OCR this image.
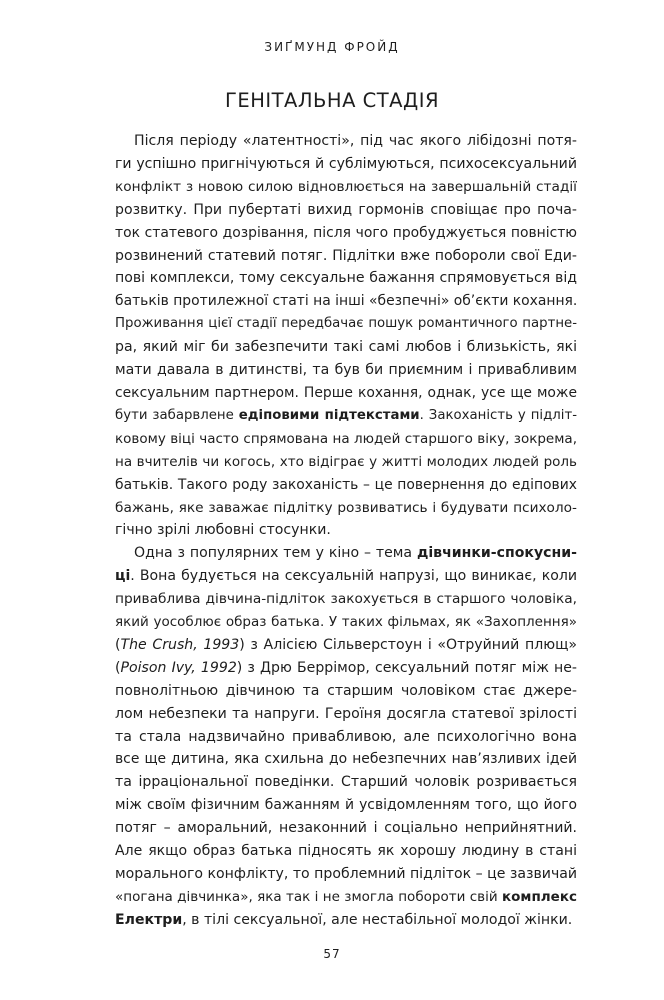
ЗИҐМУНД ФРОЙД
ГЕНІТАЛЬНА СТАДІЯ
Після періоду «латентності», під час якого лібідозні потя-
ги успішно пригнічуються й сублімуються, психосексуальний
конфлікт з новою силою відновлюється на завершальній стадії
розвитку. При пубертаті вихид гормонів сповіщає про поча-
ток статевого дозрівання, після чого пробуджується повністю
розвинений статевий потяг. Підлітки вже побороли свої Еди-
пові комплекси, тому сексуальне бажання спрямовується від
батьків протилежної статі на інші «безпечні» об’єкти кохання.
Проживання цієї стадії передбачає пошук романтичного партне-
ра, який міг би забезпечити такі самі любов і близькість, які
мати давала в дитинстві, та був би приємним і привабливим
сексуальним партнером. Перше кохання, однак, усе ще може
бути забарвлене едіповими підтекстами. Закоханість у підліт-
ковому віці часто спрямована на людей старшого віку, зокрема,
на вчителів чи когось, хто відіграє у житті молодих людей роль
батьків. Такого роду закоханість – це повернення до едіпових
бажань, яке заважає підлітку розвиватись і будувати психоло-
гічно зрілі любовні стосунки.
Одна з популярних тем у кіно – тема дівчинки-спокусни-
ці. Вона будується на сексуальній напрузі, що виникає, коли
приваблива дівчина-підліток закохується в старшого чоловіка,
який уособлює образ батька. У таких фільмах, як «Захоплення»
(The Crush, 1993) з Алісією Сільверстоун і «Отруйний плющ»
(Poison Ivy, 1992) з Дрю Беррімор, сексуальний потяг між не-
повнолітньою дівчиною та старшим чоловіком стає джере-
лом небезпеки та напруги. Героїня досягла статевої зрілості
та стала надзвичайно привабливою, але психологічно вона
все ще дитина, яка схильна до небезпечних нав’язливих ідей
та ірраціональної поведінки. Старший чоловік розривається
між своїм фізичним бажанням й усвідомленням того, що його
потяг – аморальний, незаконний і соціально неприйнятний.
Але якщо образ батька підносять як хорошу людину в стані
морального конфлікту, то проблемний підліток – це зазвичай
«погана дівчинка», яка так і не змогла побороти свій комплекс
Електри, в тілі сексуальної, але нестабільної молодої жінки.
57
